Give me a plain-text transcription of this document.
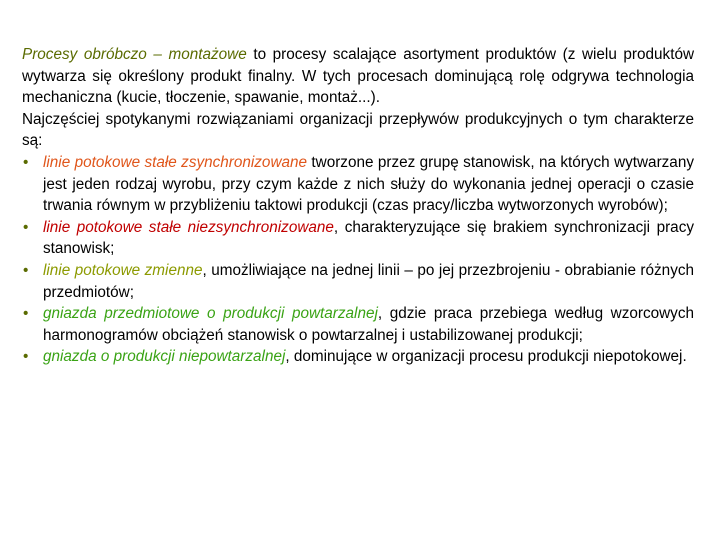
Procesy obróbczo – montażowe to procesy scalające asortyment produktów (z wielu produktów wytwarza się określony produkt finalny. W tych procesach dominującą rolę odgrywa technologia mechaniczna (kucie, tłoczenie, spawanie, montaż...).

Najczęściej spotykanymi rozwiązaniami organizacji przepływów produkcyjnych o tym charakterze są:

• linie potokowe stałe zsynchronizowane tworzone przez grupę stanowisk, na których wytwarzany jest jeden rodzaj wyrobu, przy czym każde z nich służy do wykonania jednej operacji o czasie trwania równym w przybliżeniu taktowi produkcji (czas pracy/liczba wytworzonych wyrobów);
• linie potokowe stałe niezsynchronizowane, charakteryzujące się brakiem synchronizacji pracy stanowisk;
• linie potokowe zmienne, umożliwiające na jednej linii – po jej przezbrojeniu - obrabianie różnych przedmiotów;
• gniazda przedmiotowe o produkcji powtarzalnej, gdzie praca przebiega według wzorcowych harmonogramów obciążeń stanowisk o powtarzalnej i ustabilizowanej produkcji;
• gniazda o produkcji niepowtarzalnej, dominujące w organizacji procesu produkcji niepotokowej.
